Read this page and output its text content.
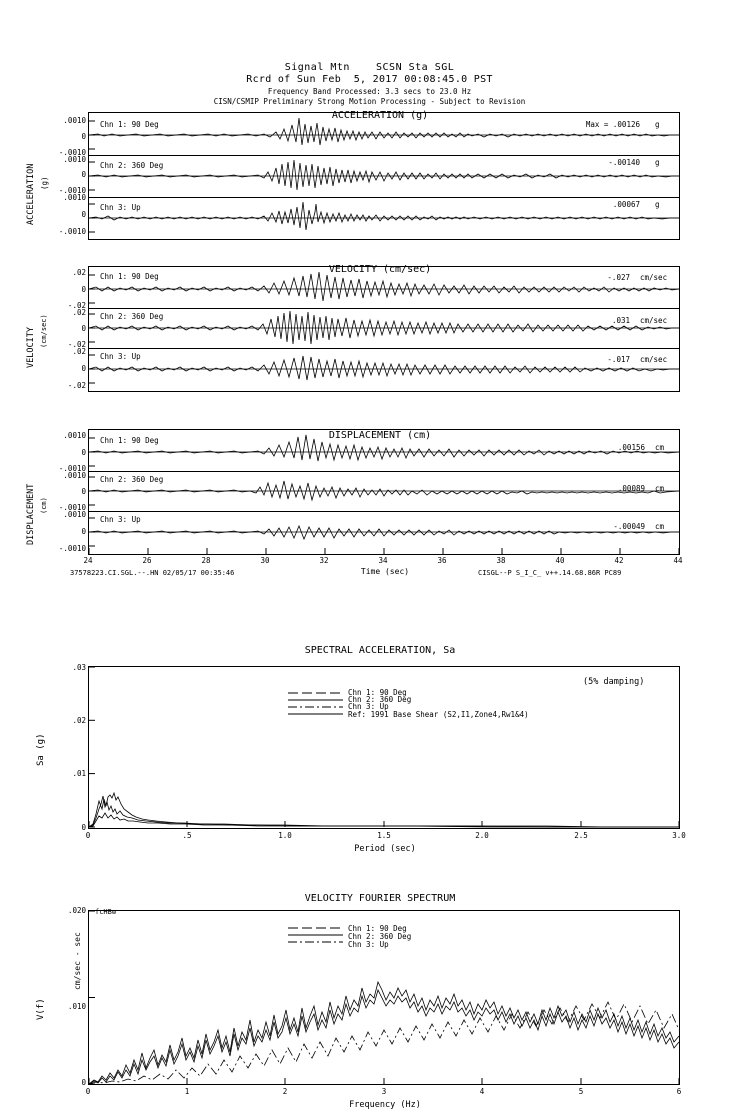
Signal Mtn    SCSN Sta SGL
Rcrd of Sun Feb  5, 2017 00:08:45.0 PST
Frequency Band Processed: 3.3 secs to 23.0 Hz
CISN/CSMIP Preliminary Strong Motion Processing - Subject to Revision
ACCELERATION (g)
ACCELERATION (g)
.0010
0
-.0010
.0010
0
-.0010
.0010
0
-.0010
Chn 1: 90 Deg
Chn 2: 360 Deg
Chn 3: Up
Max = .00126 g
-.00140 g
.00067 g
VELOCITY (cm/sec)
VELOCITY (cm/sec)
.02
0
-.02
.02
0
-.02
.02
0
-.02
Chn 1: 90 Deg
Chn 2: 360 Deg
Chn 3: Up
-.027 cm/sec
.031 cm/sec
-.017 cm/sec
DISPLACEMENT (cm)
DISPLACEMENT (cm)
.0010
0
-.0010
.0010
0
-.0010
.0010
0
-.0010
Chn 1: 90 Deg
Chn 2: 360 Deg
Chn 3: Up
.00156 cm
.00089 cm
-.00049 cm
24	26	28	30	32	34	36	38	40	42	44
Time (sec)
37578223.CI.SGL.--.HN 02/05/17 00:35:46	CISGL--P S_I_C_ v++.14.68.86R PC89
SPECTRAL ACCELERATION, Sa
.03
.02
.01
0
Sa (g)
(5% damping)
Chn 1: 90 Deg
Chn 2: 360 Deg
Chn 3: Up
Ref: 1991 Base Shear (S2,I1,Zone4,Rw1&4)
0	.5	1.0	1.5	2.0	2.5	3.0
Period (sec)
VELOCITY FOURIER SPECTRUM
.020
.010
0
V(f)
cm/sec - sec
fcHBw
Chn 1: 90 Deg
Chn 2: 360 Deg
Chn 3: Up
0	1	2	3	4	5	6
Frequency (Hz)
